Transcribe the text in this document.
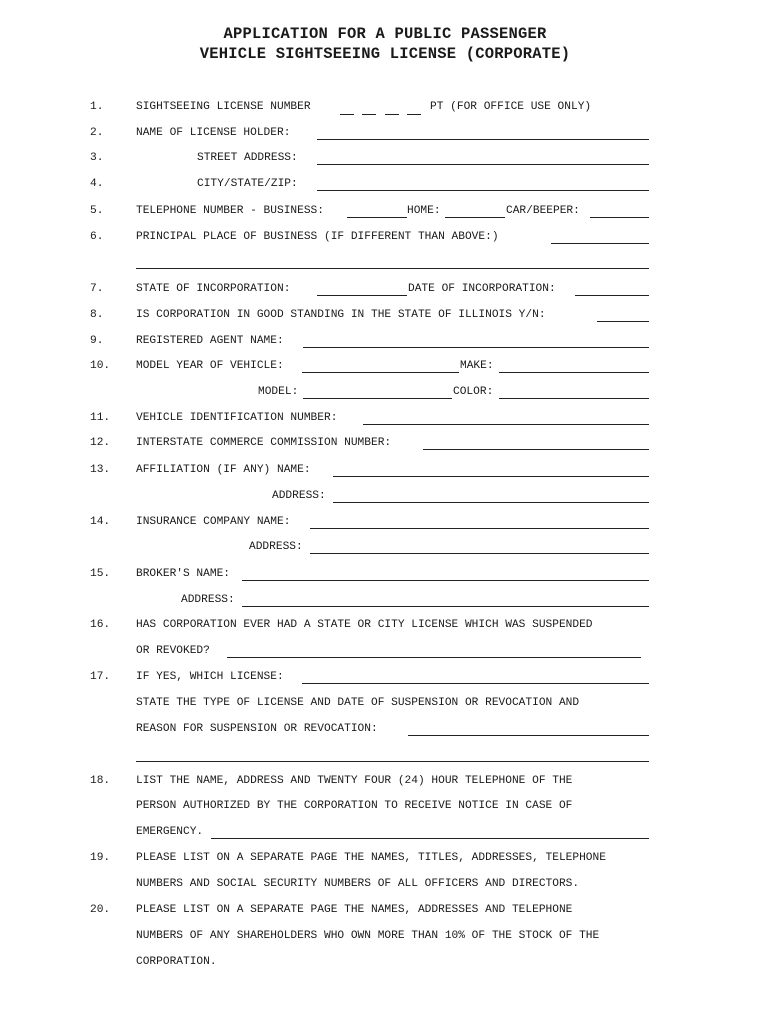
APPLICATION FOR A PUBLIC PASSENGER
VEHICLE SIGHTSEEING LICENSE (CORPORATE)
1.	SIGHTSEEING LICENSE NUMBER	PT (FOR OFFICE USE ONLY)
2.	NAME OF LICENSE HOLDER:
3.	STREET ADDRESS:
4.	CITY/STATE/ZIP:
5.	TELEPHONE NUMBER - BUSINESS:	HOME:	CAR/BEEPER:
6.	PRINCIPAL PLACE OF BUSINESS (IF DIFFERENT THAN ABOVE:)
7.	STATE OF INCORPORATION:	DATE OF INCORPORATION:
8.	IS CORPORATION IN GOOD STANDING IN THE STATE OF ILLINOIS Y/N:
9.	REGISTERED AGENT NAME:
10. MODEL YEAR OF VEHICLE:	MAKE:
MODEL:	COLOR:
11. VEHICLE IDENTIFICATION NUMBER:
12. INTERSTATE COMMERCE COMMISSION NUMBER:
13. AFFILIATION (IF ANY) NAME:
ADDRESS:
14. INSURANCE COMPANY NAME:
ADDRESS:
15. BROKER'S NAME:
ADDRESS:
16. HAS CORPORATION EVER HAD A STATE OR CITY LICENSE WHICH WAS SUSPENDED
OR REVOKED?
17. IF YES, WHICH LICENSE:
STATE THE TYPE OF LICENSE AND DATE OF SUSPENSION OR REVOCATION AND
REASON FOR SUSPENSION OR REVOCATION:
18. LIST THE NAME, ADDRESS AND TWENTY FOUR (24) HOUR TELEPHONE OF THE
PERSON AUTHORIZED BY THE CORPORATION TO RECEIVE NOTICE IN CASE OF
EMERGENCY.
19. PLEASE LIST ON A SEPARATE PAGE THE NAMES, TITLES, ADDRESSES, TELEPHONE
NUMBERS AND SOCIAL SECURITY NUMBERS OF ALL OFFICERS AND DIRECTORS.
20. PLEASE LIST ON A SEPARATE PAGE THE NAMES, ADDRESSES AND TELEPHONE
NUMBERS OF ANY SHAREHOLDERS WHO OWN MORE THAN 10% OF THE STOCK OF THE
CORPORATION.
